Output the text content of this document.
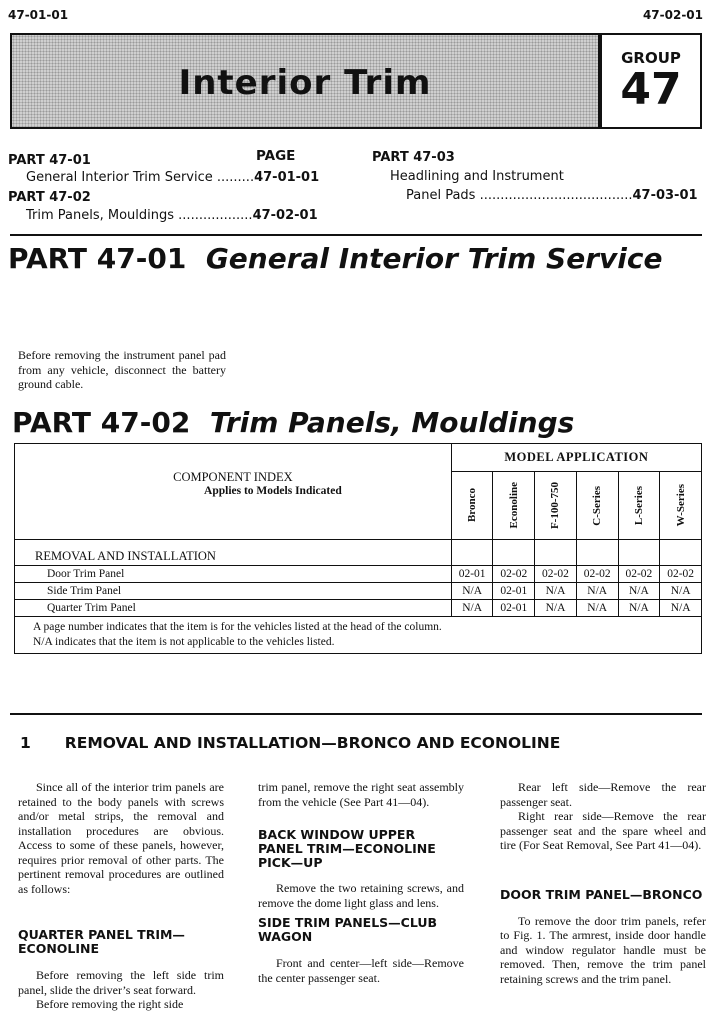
47-01-01	47-02-01
Interior Trim
GROUP
47
PART 47-01	PAGE
General Interior Trim Service .........47-01-01
PART 47-02
Trim Panels, Mouldings ..................47-02-01
PART 47-03
Headlining and Instrument
Panel Pads .....................................47-03-01
PART 47-01 General Interior Trim Service
Before removing the instrument panel pad from any vehicle, disconnect the battery ground cable.
PART 47-02 Trim Panels, Mouldings
COMPONENT INDEX
Applies to Models Indicated	MODEL APPLICATION					

	Bronco	Econoline	F-100-750	C-Series	L-Series	W-Series

REMOVAL AND INSTALLATION						
Door Trim Panel	02-01	02-02	02-02	02-02	02-02	02-02
Side Trim Panel	N/A	02-01	N/A	N/A	N/A	N/A
Quarter Trim Panel	N/A	02-01	N/A	N/A	N/A	N/A

A page number indicates that the item is for the vehicles listed at the head of the column.
N/A indicates that the item is not applicable to the vehicles listed.						
1 REMOVAL AND INSTALLATION—BRONCO AND ECONOLINE
Since all of the interior trim panels are retained to the body panels with screws and/or metal strips, the removal and installation procedures are obvious. Access to some of these panels, however, requires prior removal of other parts. The pertinent removal procedures are outlined as follows:
QUARTER PANEL TRIM—ECONOLINE
Before removing the left side trim panel, slide the driver’s seat forward.
Before removing the right side
trim panel, remove the right seat assembly from the vehicle (See Part 41—04).
BACK WINDOW UPPER PANEL TRIM—ECONOLINE PICK—UP
Remove the two retaining screws, and remove the dome light glass and lens.
SIDE TRIM PANELS—CLUB WAGON
Front and center—left side—Remove the center passenger seat.
Rear left side—Remove the rear passenger seat.
Right rear side—Remove the rear passenger seat and the spare wheel and tire (For Seat Removal, See Part 41—04).
DOOR TRIM PANEL—BRONCO
To remove the door trim panels, refer to Fig. 1. The armrest, inside door handle and window regulator handle must be removed. Then, remove the trim panel retaining screws and the trim panel.
